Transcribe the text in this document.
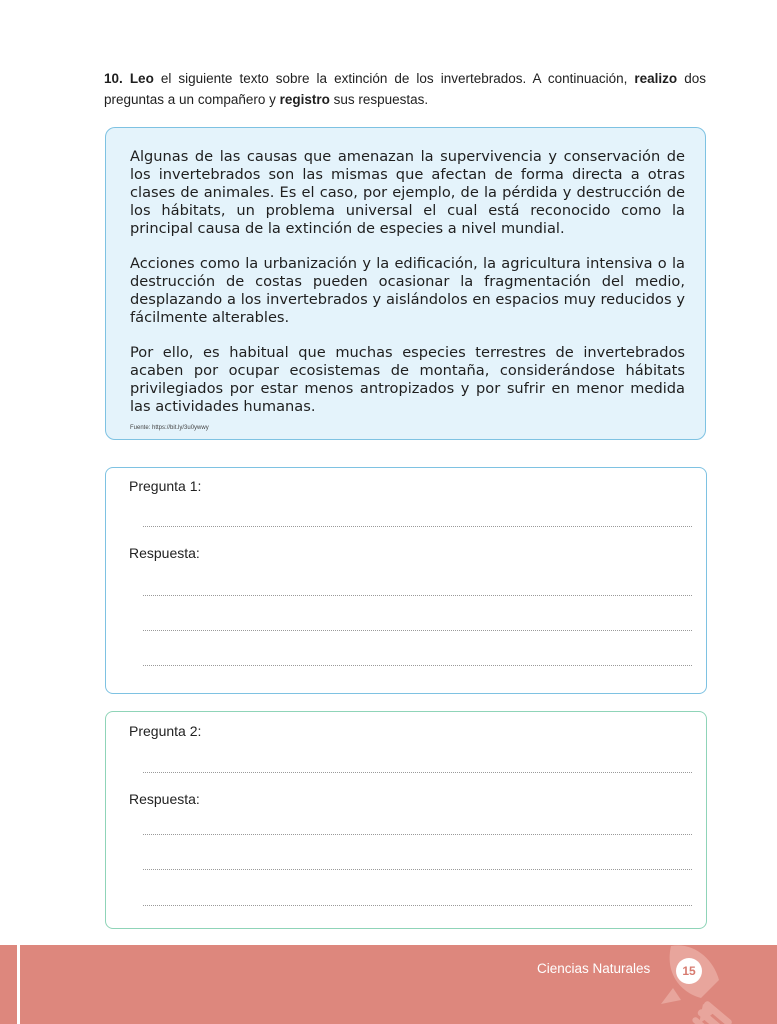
10. Leo el siguiente texto sobre la extinción de los invertebrados. A continuación, realizo dos preguntas a un compañero y registro sus respuestas.

Algunas de las causas que amenazan la supervivencia y conservación de los invertebrados son las mismas que afectan de forma directa a otras clases de animales. Es el caso, por ejemplo, de la pérdida y destrucción de los hábitats, un problema universal el cual está reconocido como la principal causa de la extinción de especies a nivel mundial.

Acciones como la urbanización y la edificación, la agricultura intensiva o la destrucción de costas pueden ocasionar la fragmentación del medio, desplazando a los invertebrados y aislándolos en espacios muy reducidos y fácilmente alterables.

Por ello, es habitual que muchas especies terrestres de invertebrados acaben por ocupar ecosistemas de montaña, considerándose hábitats privilegiados por estar menos antropizados y por sufrir en menor medida las actividades humanas.

Fuente: https://bit.ly/3u0ywwy
Pregunta 1:
Respuesta:
Pregunta 2:
Respuesta:
Ciencias Naturales	15
